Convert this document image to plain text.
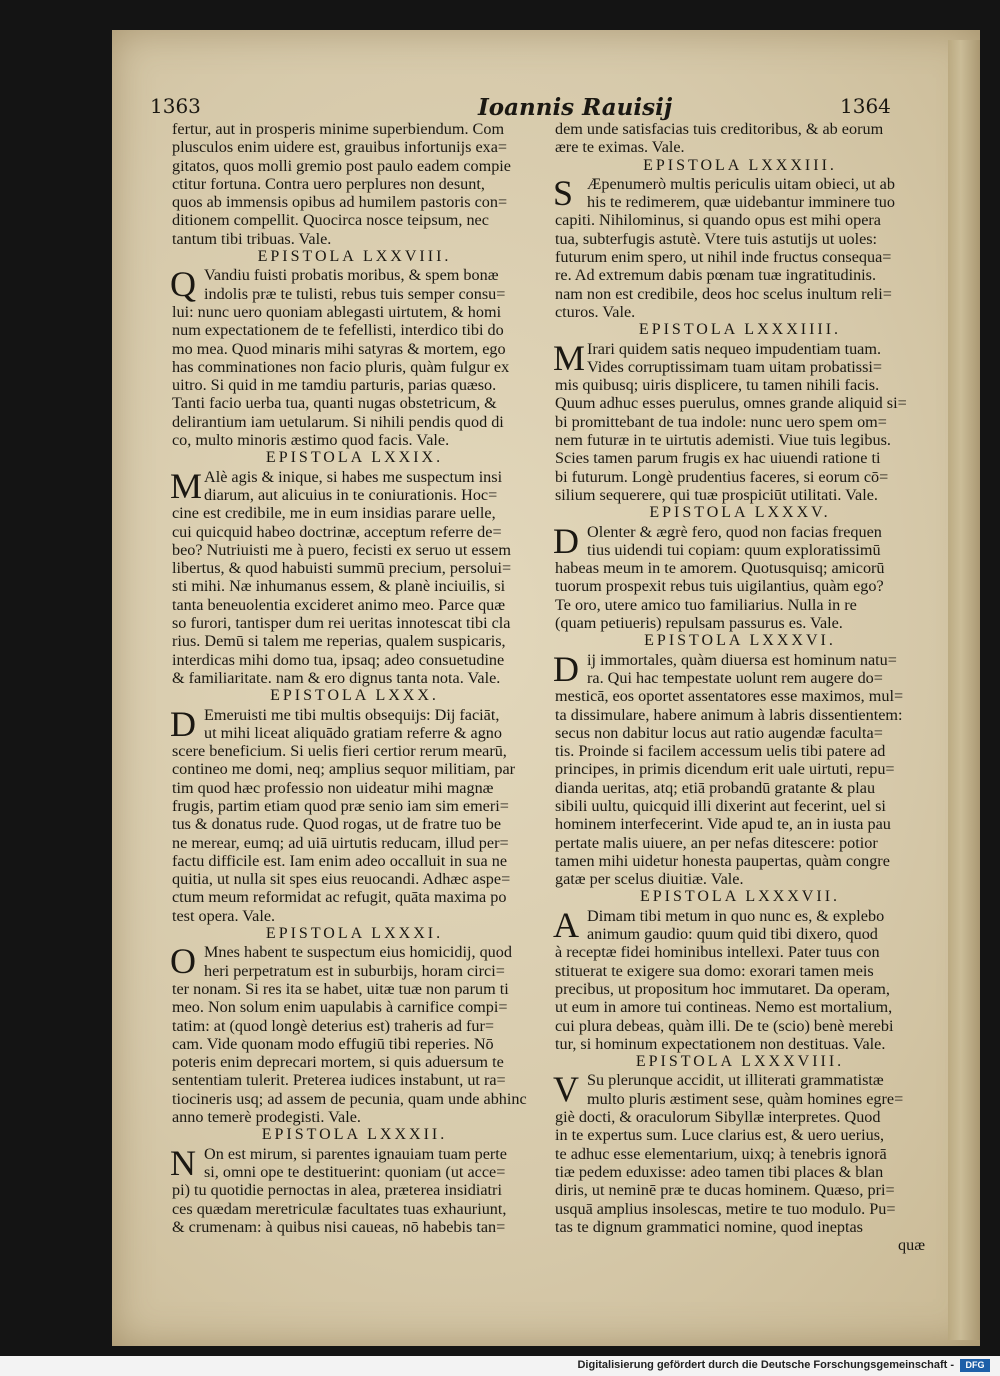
1363	Ioannis Rauisij	1364
fertur, aut in prosperis minime superbiendum. Com
plusculos enim uidere est, grauibus infortunijs exa=
gitatos, quos molli gremio post paulo eadem compie
ctitur fortuna. Contra uero perplures non desunt,
quos ab immensis opibus ad humilem pastoris con=
ditionem compellit. Quocirca nosce teipsum, nec
tantum tibi tribuas. Vale.
EPISTOLA LXXVIII.
Q Vandiu fuisti probatis moribus, & spem bonæ
indolis præ te tulisti, rebus tuis semper consu=
lui: nunc uero quoniam ablegasti uirtutem, & homi
num expectationem de te fefellisti, interdico tibi do
mo mea. Quod minaris mihi satyras & mortem, ego
has comminationes non facio pluris, quàm fulgur ex
uitro. Si quid in me tamdiu parturis, parias quæso.
Tanti facio uerba tua, quanti nugas obstetricum, &
delirantium iam uetularum. Si nihili pendis quod di
co, multo minoris æstimo quod facis. Vale.
EPISTOLA LXXIX.
M Alè agis & inique, si habes me suspectum insi
diarum, aut alicuius in te coniurationis. Hoc=
cine est credibile, me in eum insidias parare uelle,
cui quicquid habeo doctrinæ, acceptum referre de=
beo? Nutriuisti me à puero, fecisti ex seruo ut essem
libertus, & quod habuisti summū precium, persolui=
sti mihi. Næ inhumanus essem, & planè inciuilis, si
tanta beneuolentia excideret animo meo. Parce quæ
so furori, tantisper dum rei ueritas innotescat tibi cla
rius. Demū si talem me reperias, qualem suspicaris,
interdicas mihi domo tua, ipsaq; adeo consuetudine
& familiaritate. nam & ero dignus tanta nota. Vale.
EPISTOLA LXXX.
D Emeruisti me tibi multis obsequijs: Dij faciāt,
ut mihi liceat aliquādo gratiam referre & agno
scere beneficium. Si uelis fieri certior rerum mearū,
contineo me domi, neq; amplius sequor militiam, par
tim quod hæc professio non uideatur mihi magnæ
frugis, partim etiam quod præ senio iam sim emeri=
tus & donatus rude. Quod rogas, ut de fratre tuo be
ne merear, eumq; ad uiā uirtutis reducam, illud per=
factu difficile est. Iam enim adeo occalluit in sua ne
quitia, ut nulla sit spes eius reuocandi. Adhæc aspe=
ctum meum reformidat ac refugit, quāta maxima po
test opera. Vale.
EPISTOLA LXXXI.
O Mnes habent te suspectum eius homicidij, quod
heri perpetratum est in suburbijs, horam circi=
ter nonam. Si res ita se habet, uitæ tuæ non parum ti
meo. Non solum enim uapulabis à carnifice compi=
tatim: at (quod longè deterius est) traheris ad fur=
cam. Vide quonam modo effugiū tibi reperies. Nō
poteris enim deprecari mortem, si quis aduersum te
sententiam tulerit. Preterea iudices instabunt, ut ra=
tiocineris usq; ad assem de pecunia, quam unde abhinc
anno temerè prodegisti. Vale.
EPISTOLA LXXXII.
N On est mirum, si parentes ignauiam tuam perte
si, omni ope te destituerint: quoniam (ut acce=
pi) tu quotidie pernoctas in alea, præterea insidiatri
ces quædam meretriculæ facultates tuas exhauriunt,
& crumenam: à quibus nisi caueas, nō habebis tan=
dem unde satisfacias tuis creditoribus, & ab eorum
ære te eximas. Vale.
EPISTOLA LXXXIII.
S Æpenumerò multis periculis uitam obieci, ut ab
his te redimerem, quæ uidebantur imminere tuo
capiti. Nihilominus, si quando opus est mihi opera
tua, subterfugis astutè. Vtere tuis astutijs ut uoles:
futurum enim spero, ut nihil inde fructus consequa=
re. Ad extremum dabis pœnam tuæ ingratitudinis.
nam non est credibile, deos hoc scelus inultum reli=
cturos. Vale.
EPISTOLA LXXXIIII.
M Irari quidem satis nequeo impudentiam tuam.
Vides corruptissimam tuam uitam probatissi=
mis quibusq; uiris displicere, tu tamen nihili facis.
Quum adhuc esses puerulus, omnes grande aliquid si=
bi promittebant de tua indole: nunc uero spem om=
nem futuræ in te uirtutis ademisti. Viue tuis legibus.
Scies tamen parum frugis ex hac uiuendi ratione ti
bi futurum. Longè prudentius faceres, si eorum cō=
silium sequerere, qui tuæ prospiciūt utilitati. Vale.
EPISTOLA LXXXV.
D Olenter & ægrè fero, quod non facias frequen
tius uidendi tui copiam: quum exploratissimū
habeas meum in te amorem. Quotusquisq; amicorū
tuorum prospexit rebus tuis uigilantius, quàm ego?
Te oro, utere amico tuo familiarius. Nulla in re
(quam petiueris) repulsam passurus es. Vale.
EPISTOLA LXXXVI.
D ij immortales, quàm diuersa est hominum natu=
ra. Qui hac tempestate uolunt rem augere do=
mesticā, eos oportet assentatores esse maximos, mul=
ta dissimulare, habere animum à labris dissentientem:
secus non dabitur locus aut ratio augendæ faculta=
tis. Proinde si facilem accessum uelis tibi patere ad
principes, in primis dicendum erit uale uirtuti, repu=
dianda ueritas, atq; etiā probandū gratante & plau
sibili uultu, quicquid illi dixerint aut fecerint, uel si
hominem interfecerint. Vide apud te, an in iusta pau
pertate malis uiuere, an per nefas ditescere: potior
tamen mihi uidetur honesta paupertas, quàm congre
gatæ per scelus diuitiæ. Vale.
EPISTOLA LXXXVII.
A Dimam tibi metum in quo nunc es, & explebo
animum gaudio: quum quid tibi dixero, quod
à receptæ fidei hominibus intellexi. Pater tuus con
stituerat te exigere sua domo: exorari tamen meis
precibus, ut propositum hoc immutaret. Da operam,
ut eum in amore tui contineas. Nemo est mortalium,
cui plura debeas, quàm illi. De te (scio) benè merebi
tur, si hominum expectationem non destituas. Vale.
EPISTOLA LXXXVIII.
V Su plerunque accidit, ut illiterati grammatistæ
multo pluris æstiment sese, quàm homines egre=
giè docti, & oraculorum Sibyllæ interpretes. Quod
in te expertus sum. Luce clarius est, & uero uerius,
te adhuc esse elementarium, uixq; à tenebris ignorā
tiæ pedem eduxisse: adeo tamen tibi places & blan
diris, ut neminē præ te ducas hominem. Quæso, pri=
usquā amplius insolescas, metire te tuo modulo. Pu=
tas te dignum grammatici nomine, quod ineptas
quæ
Digitalisierung gefördert durch die Deutsche Forschungsgemeinschaft -	DFG
